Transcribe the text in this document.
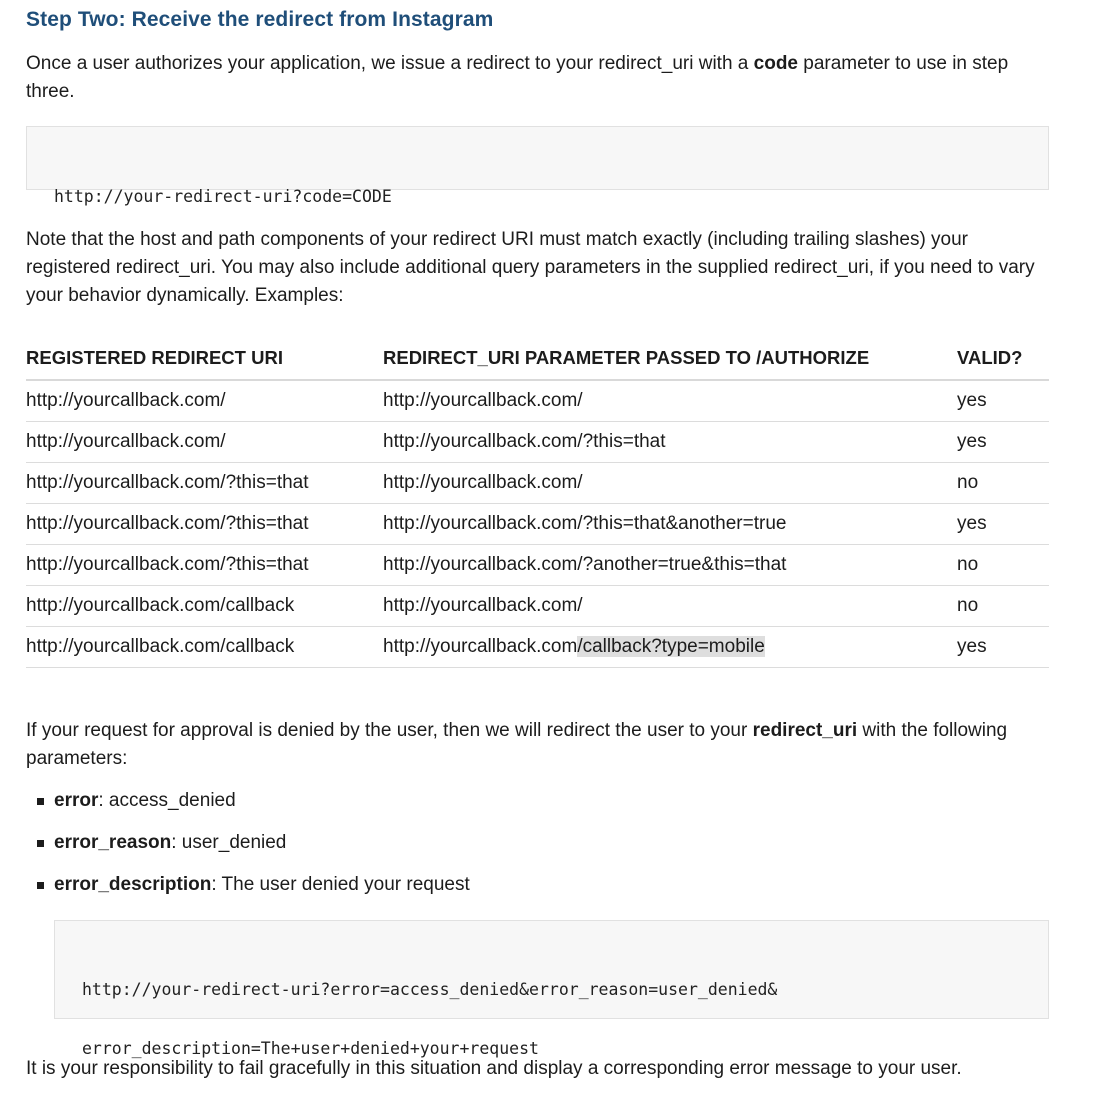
Step Two: Receive the redirect from Instagram

Once a user authorizes your application, we issue a redirect to your redirect_uri with a code parameter to use in step three.

http://your-redirect-uri?code=CODE

Note that the host and path components of your redirect URI must match exactly (including trailing slashes) your registered redirect_uri. You may also include additional query parameters in the supplied redirect_uri, if you need to vary your behavior dynamically. Examples:

REGISTERED REDIRECT URI	REDIRECT_URI PARAMETER PASSED TO /AUTHORIZE	VALID?
http://yourcallback.com/	http://yourcallback.com/	yes
http://yourcallback.com/	http://yourcallback.com/?this=that	yes
http://yourcallback.com/?this=that	http://yourcallback.com/	no
http://yourcallback.com/?this=that	http://yourcallback.com/?this=that&another=true	yes
http://yourcallback.com/?this=that	http://yourcallback.com/?another=true&this=that	no
http://yourcallback.com/callback	http://yourcallback.com/	no
http://yourcallback.com/callback	http://yourcallback.com/callback?type=mobile	yes

If your request for approval is denied by the user, then we will redirect the user to your redirect_uri with the following parameters:

error: access_denied
error_reason: user_denied
error_description: The user denied your request

http://your-redirect-uri?error=access_denied&error_reason=user_denied&

error_description=The+user+denied+your+request

It is your responsibility to fail gracefully in this situation and display a corresponding error message to your user.
